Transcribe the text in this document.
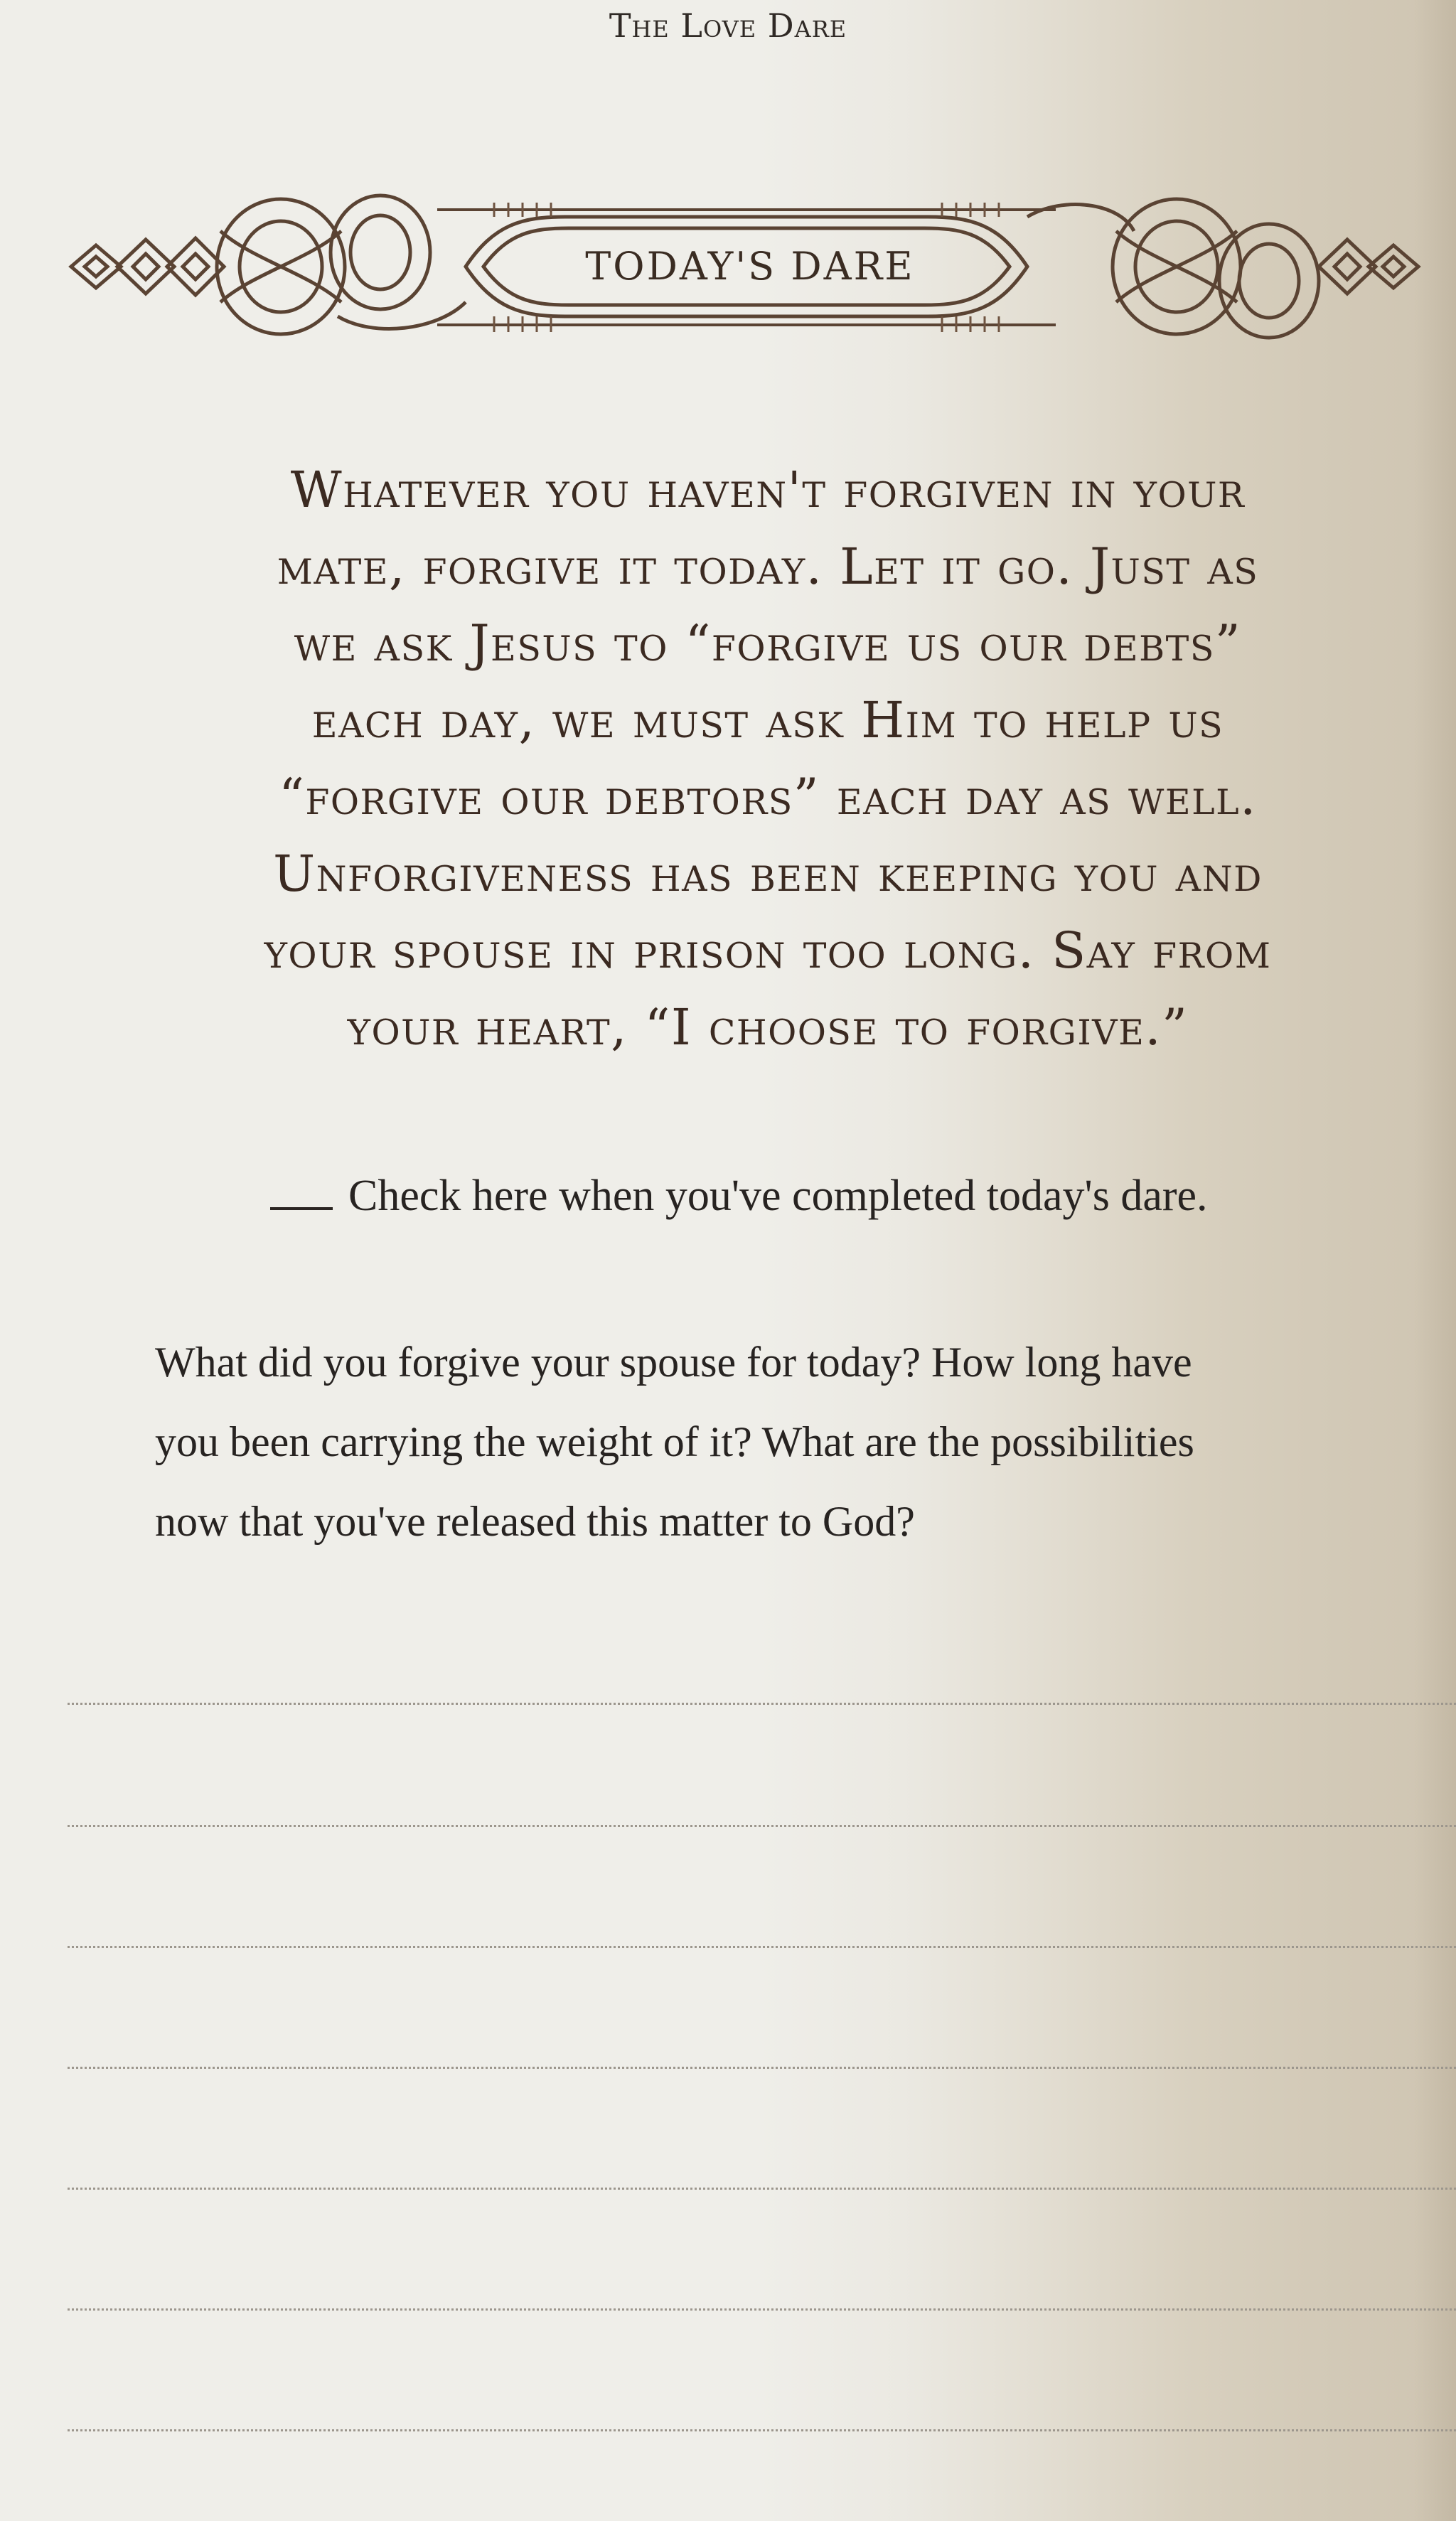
The Love Dare
TODAY'S DARE
Whatever you haven't forgiven in your
mate, forgive it today. Let it go. Just as
we ask Jesus to “forgive us our debts”
each day, we must ask Him to help us
“forgive our debtors” each day as well.
Unforgiveness has been keeping you and
your spouse in prison too long. Say from
your heart, “I choose to forgive.”
Check here when you've completed today's dare.
What did you forgive your spouse for today? How long have
you been carrying the weight of it? What are the possibilities
now that you've released this matter to God?
